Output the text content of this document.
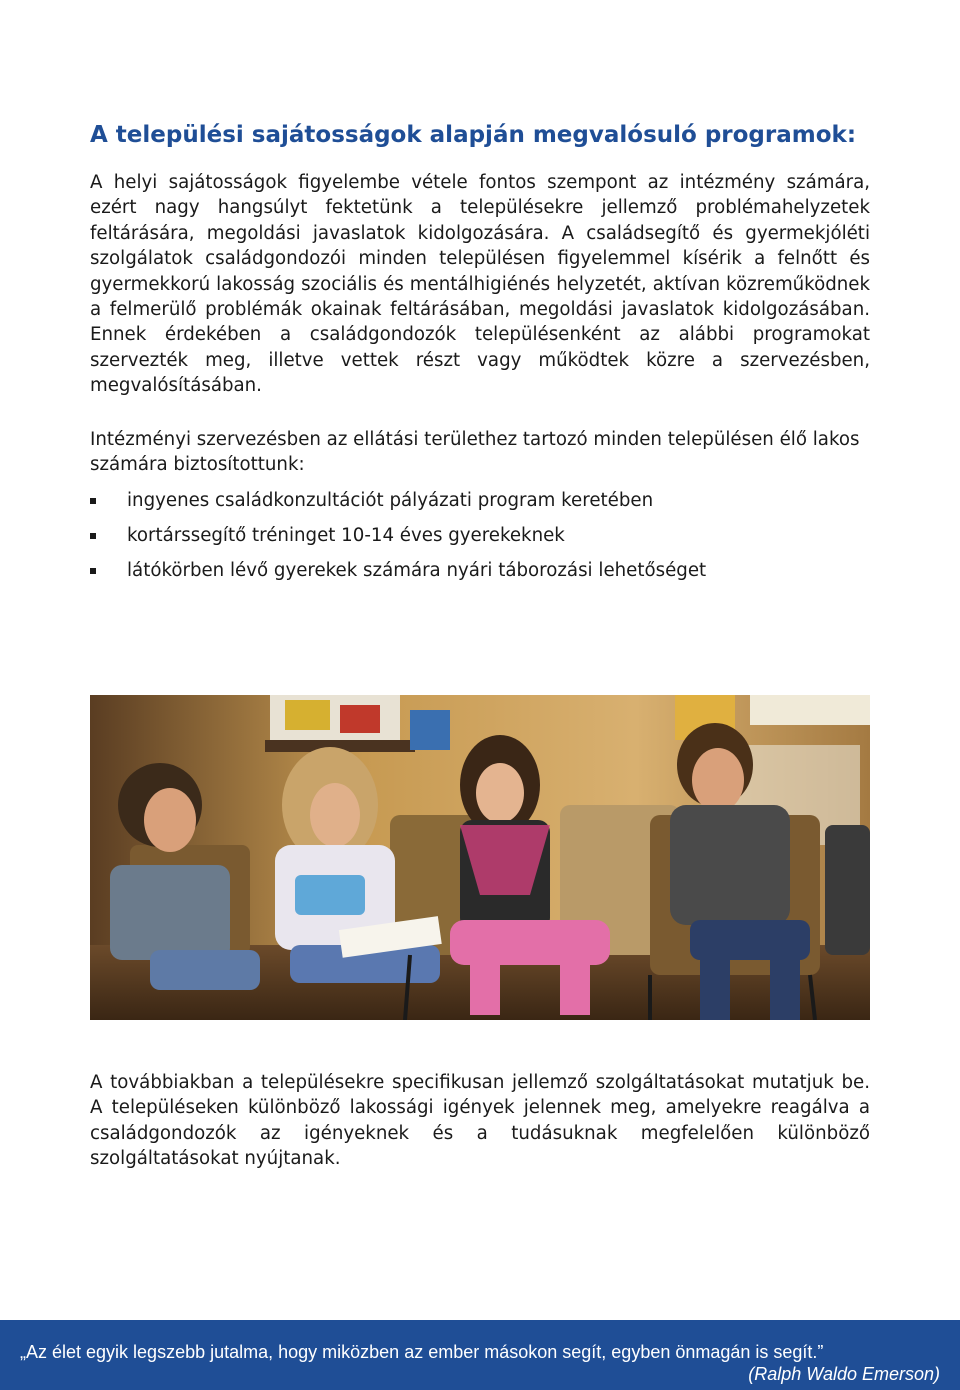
A települési sajátosságok alapján megvalósuló programok:

A helyi sajátosságok figyelembe vétele fontos szempont az intézmény számára, ezért nagy hangsúlyt fektetünk a településekre jellemző problémahelyzetek feltárására, megoldási javaslatok kidolgozására. A családsegítő és gyermekjóléti szolgálatok családgondozói minden településen figyelemmel kísérik a felnőtt és gyermekkorú lakosság szociális és mentálhigiénés helyzetét, aktívan közreműködnek a felmerülő problémák okainak feltárásában, megoldási javaslatok kidolgozásában. Ennek érdekében a családgondozók településenként az alábbi programokat szervezték meg, illetve vettek részt vagy működtek közre a szervezésben, megvalósításában.

Intézményi szervezésben az ellátási területhez tartozó minden településen élő lakos számára biztosítottunk:

ingyenes családkonzultációt pályázati program keretében
kortárssegítő tréninget 10-14 éves gyerekeknek
látókörben lévő gyerekek számára nyári táborozási lehetőséget

A továbbiakban a településekre specifikusan jellemző szolgáltatásokat mutatjuk be. A településeken különböző lakossági igények jelennek meg, amelyekre reagálva a családgondozók az igényeknek és a tudásuknak megfelelően különböző szolgáltatásokat nyújtanak.

„Az élet egyik legszebb jutalma, hogy miközben az ember másokon segít, egyben önmagán is segít.”
(Ralph Waldo Emerson)
